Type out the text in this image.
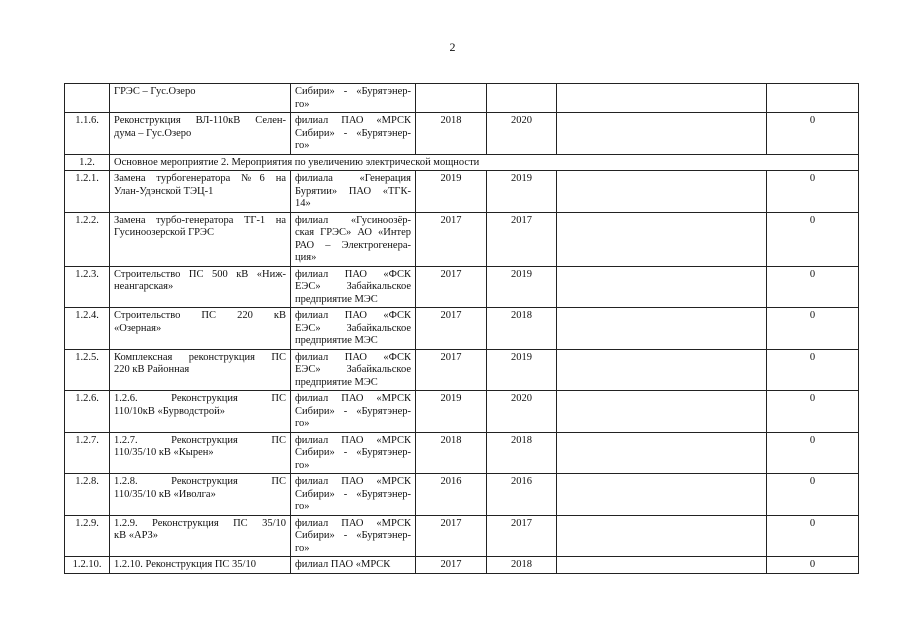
2

	ГРЭС – Гус.Озеро	Сибири» - «Бурятэнер-
го»				

1.1.6.	Реконструкция ВЛ-110кВ Селен-
дума – Гус.Озеро	филиал ПАО «МРСК
Сибири» - «Бурятэнер-
го»	2018	2020		0
1.2.	Основное мероприятие 2. Мероприятия по увеличению электрической мощности					
1.2.1.	Замена турбогенератора №6 на
Улан-Удэнской ТЭЦ-1	филиала «Генерация
Бурятии» ПАО «ТГК-
14»	2019	2019		0
1.2.2.	Замена турбо-генератора ТГ-1 на
Гусиноозерской ГРЭС	филиал «Гусиноозёр-
ская ГРЭС» АО «Интер
РАО – Электрогенера-
ция»	2017	2017		0
1.2.3.	Строительство ПС 500 кВ «Ниж-
неангарская»	филиал ПАО «ФСК
ЕЭС» Забайкальское
предприятие МЭС	2017	2019		0
1.2.4.	Строительство ПС 220 кВ
«Озерная»	филиал ПАО «ФСК
ЕЭС» Забайкальское
предприятие МЭС	2017	2018		0
1.2.5.	Комплексная реконструкция ПС
220 кВ Районная	филиал ПАО «ФСК
ЕЭС» Забайкальское
предприятие МЭС	2017	2019		0
1.2.6.	1.2.6. Реконструкция ПС
110/10кВ «Бурводстрой»	филиал ПАО «МРСК
Сибири» - «Бурятэнер-
го»	2019	2020		0
1.2.7.	1.2.7. Реконструкция ПС
110/35/10 кВ «Кырен»	филиал ПАО «МРСК
Сибири» - «Бурятэнер-
го»	2018	2018		0
1.2.8.	1.2.8. Реконструкция ПС
110/35/10 кВ «Иволга»	филиал ПАО «МРСК
Сибири» - «Бурятэнер-
го»	2016	2016		0
1.2.9.	1.2.9. Реконструкция ПС 35/10
кВ «АРЗ»	филиал ПАО «МРСК
Сибири» - «Бурятэнер-
го»	2017	2017		0
1.2.10.	1.2.10. Реконструкция ПС 35/10	филиал ПАО «МРСК	2017	2018		0
